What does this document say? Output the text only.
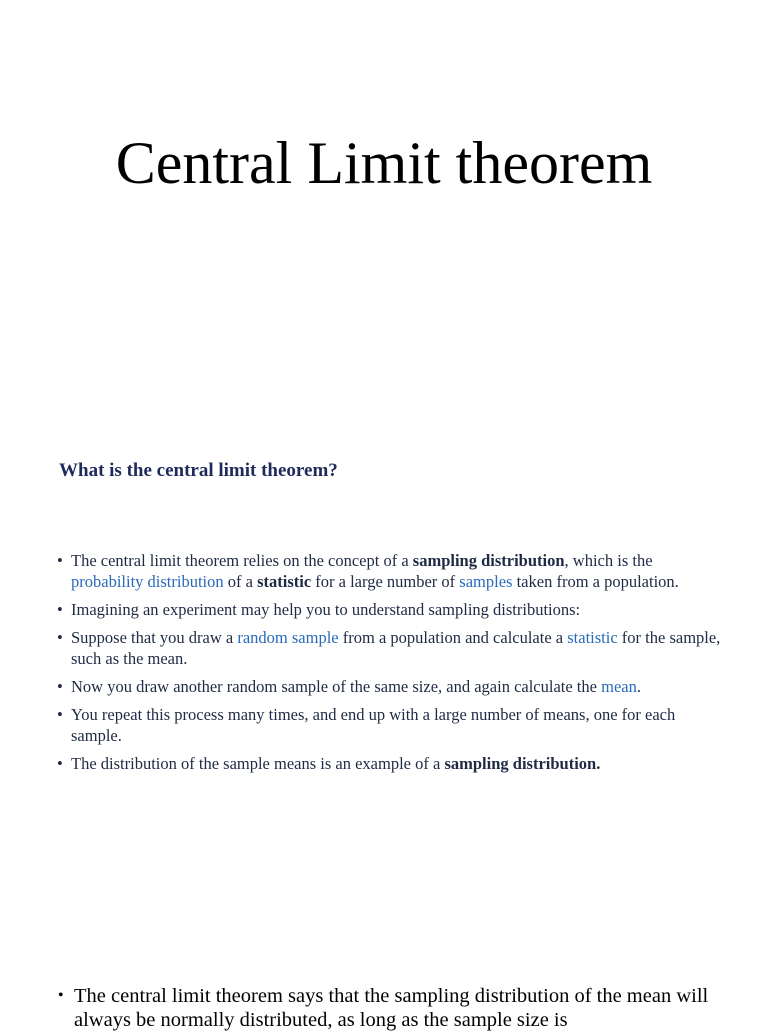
Central Limit theorem
What is the central limit theorem?
• The central limit theorem relies on the concept of a sampling distribution, which is the probability distribution of a statistic for a large number of samples taken from a population.
• Imagining an experiment may help you to understand sampling distributions:
• Suppose that you draw a random sample from a population and calculate a statistic for the sample, such as the mean.
• Now you draw another random sample of the same size, and again calculate the mean.
• You repeat this process many times, and end up with a large number of means, one for each sample.
• The distribution of the sample means is an example of a sampling distribution.
• The central limit theorem says that the sampling distribution of the mean will always be normally distributed, as long as the sample size is
